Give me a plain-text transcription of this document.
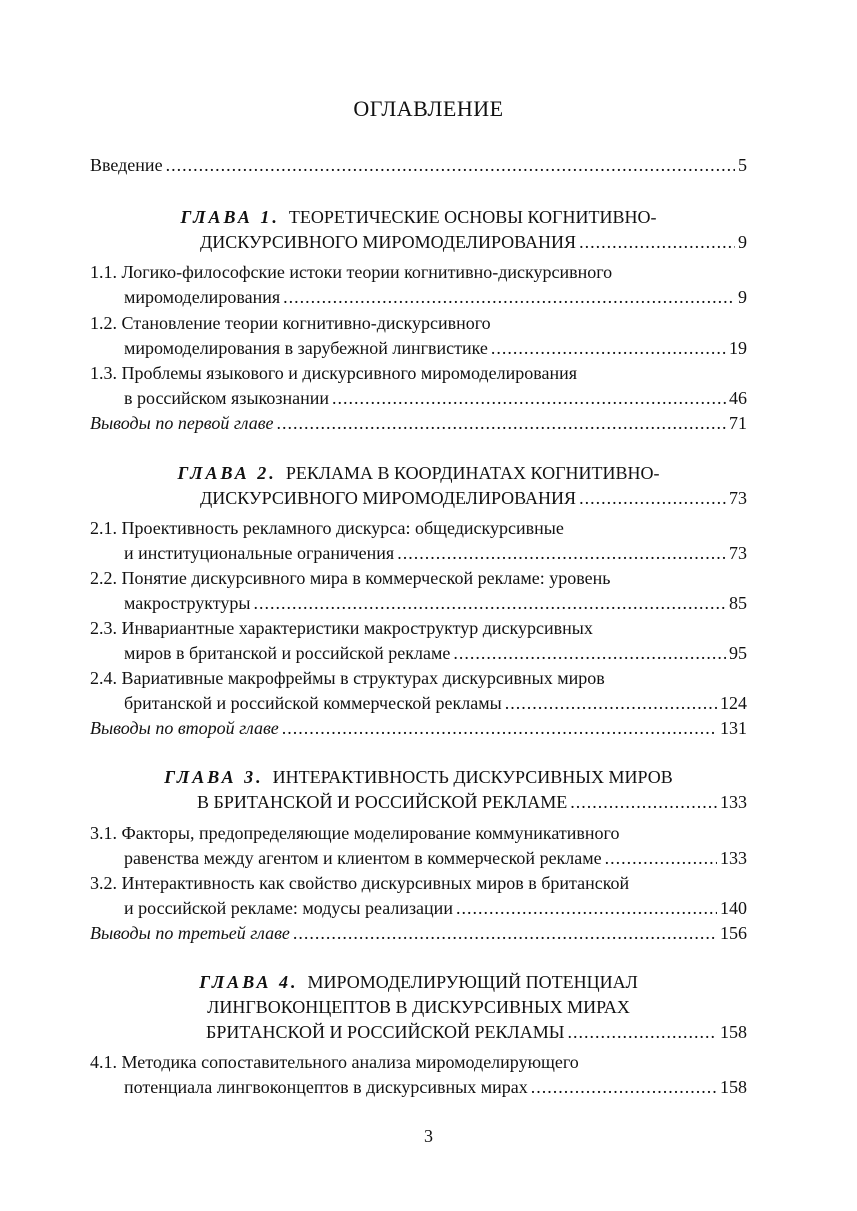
ОГЛАВЛЕНИЕ
Введение .....	5
ГЛАВА 1. ТЕОРЕТИЧЕСКИЕ ОСНОВЫ КОГНИТИВНО-
ДИСКУРСИВНОГО МИРОМОДЕЛИРОВАНИЯ .....	9
1.1. Логико-философские истоки теории когнитивно-дискурсивного
миромоделирования .....	9
1.2. Становление теории когнитивно-дискурсивного
миромоделирования в зарубежной лингвистике .....	19
1.3. Проблемы языкового и дискурсивного миромоделирования
в российском языкознании .....	46
Выводы по первой главе .....	71
ГЛАВА 2. РЕКЛАМА В КООРДИНАТАХ КОГНИТИВНО-
ДИСКУРСИВНОГО МИРОМОДЕЛИРОВАНИЯ .....	73
2.1. Проективность рекламного дискурса: общедискурсивные
и институциональные ограничения .....	73
2.2. Понятие дискурсивного мира в коммерческой рекламе: уровень
макроструктуры .....	85
2.3. Инвариантные характеристики макроструктур дискурсивных
миров в британской и российской рекламе .....	95
2.4. Вариативные макрофреймы в структурах дискурсивных миров
британской и российской коммерческой рекламы .....	124
Выводы по второй главе .....	131
ГЛАВА 3. ИНТЕРАКТИВНОСТЬ ДИСКУРСИВНЫХ МИРОВ
В БРИТАНСКОЙ И РОССИЙСКОЙ РЕКЛАМЕ .....	133
3.1. Факторы, предопределяющие моделирование коммуникативного
равенства между агентом и клиентом в коммерческой рекламе .....	133
3.2. Интерактивность как свойство дискурсивных миров в британской
и российской рекламе: модусы реализации .....	140
Выводы по третьей главе .....	156
ГЛАВА 4. МИРОМОДЕЛИРУЮЩИЙ ПОТЕНЦИАЛ
ЛИНГВОКОНЦЕПТОВ В ДИСКУРСИВНЫХ МИРАХ
БРИТАНСКОЙ И РОССИЙСКОЙ РЕКЛАМЫ .....	158
4.1. Методика сопоставительного анализа миромоделирующего
потенциала лингвоконцептов в дискурсивных мирах .....	158
3
